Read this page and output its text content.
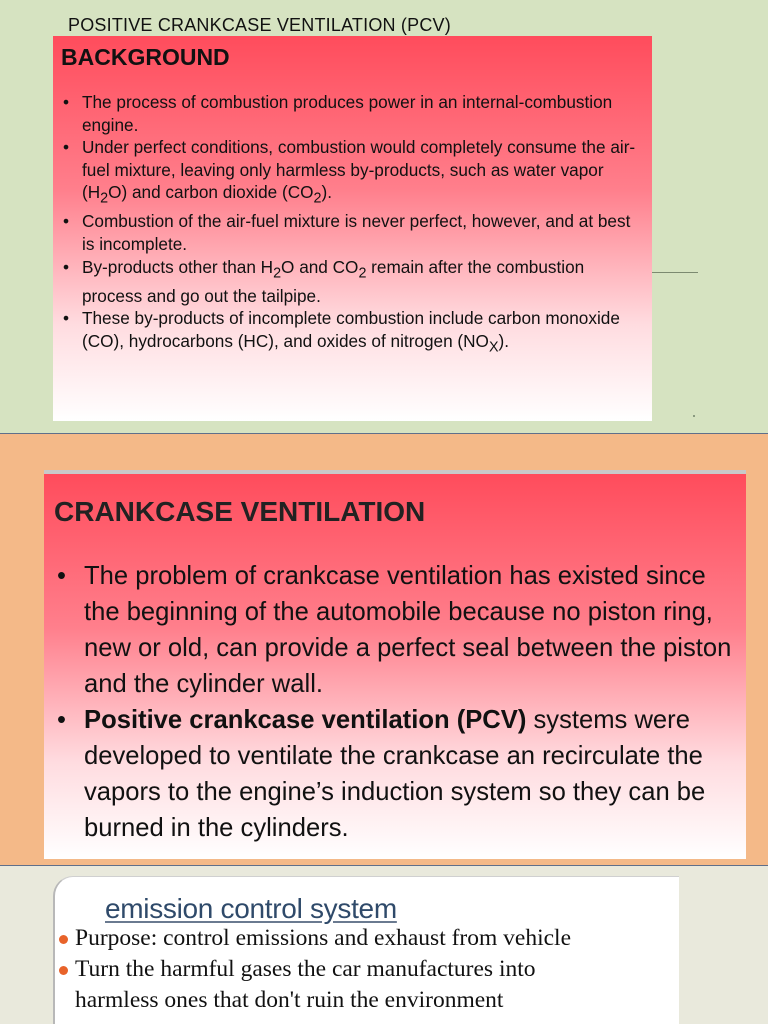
POSITIVE CRANKCASE VENTILATION (PCV)
BACKGROUND
• The process of combustion produces power in an internal-combustion engine.
• Under perfect conditions, combustion would completely consume the air-fuel mixture, leaving only harmless by-products, such as water vapor $(H_2O)$ and carbon dioxide $(CO_2)$.
• Combustion of the air-fuel mixture is never perfect, however, and at best is incomplete.
• By-products other than $H_2O$ and $CO_2$ remain after the combustion process and go out the tailpipe.
• These by-products of incomplete combustion include carbon monoxide (CO), hydrocarbons (HC), and oxides of nitrogen $(NO_X)$.
CRANKCASE VENTILATION
• The problem of crankcase ventilation has existed since the beginning of the automobile because no piston ring, new or old, can provide a perfect seal between the piston and the cylinder wall.
• Positive crankcase ventilation (PCV) systems were developed to ventilate the crankcase an recirculate the vapors to the engine’s induction system so they can be burned in the cylinders.
emission control system
Purpose: control emissions and exhaust from vehicle
Turn the harmful gases the car manufactures into
harmless ones that don't ruin the environment
